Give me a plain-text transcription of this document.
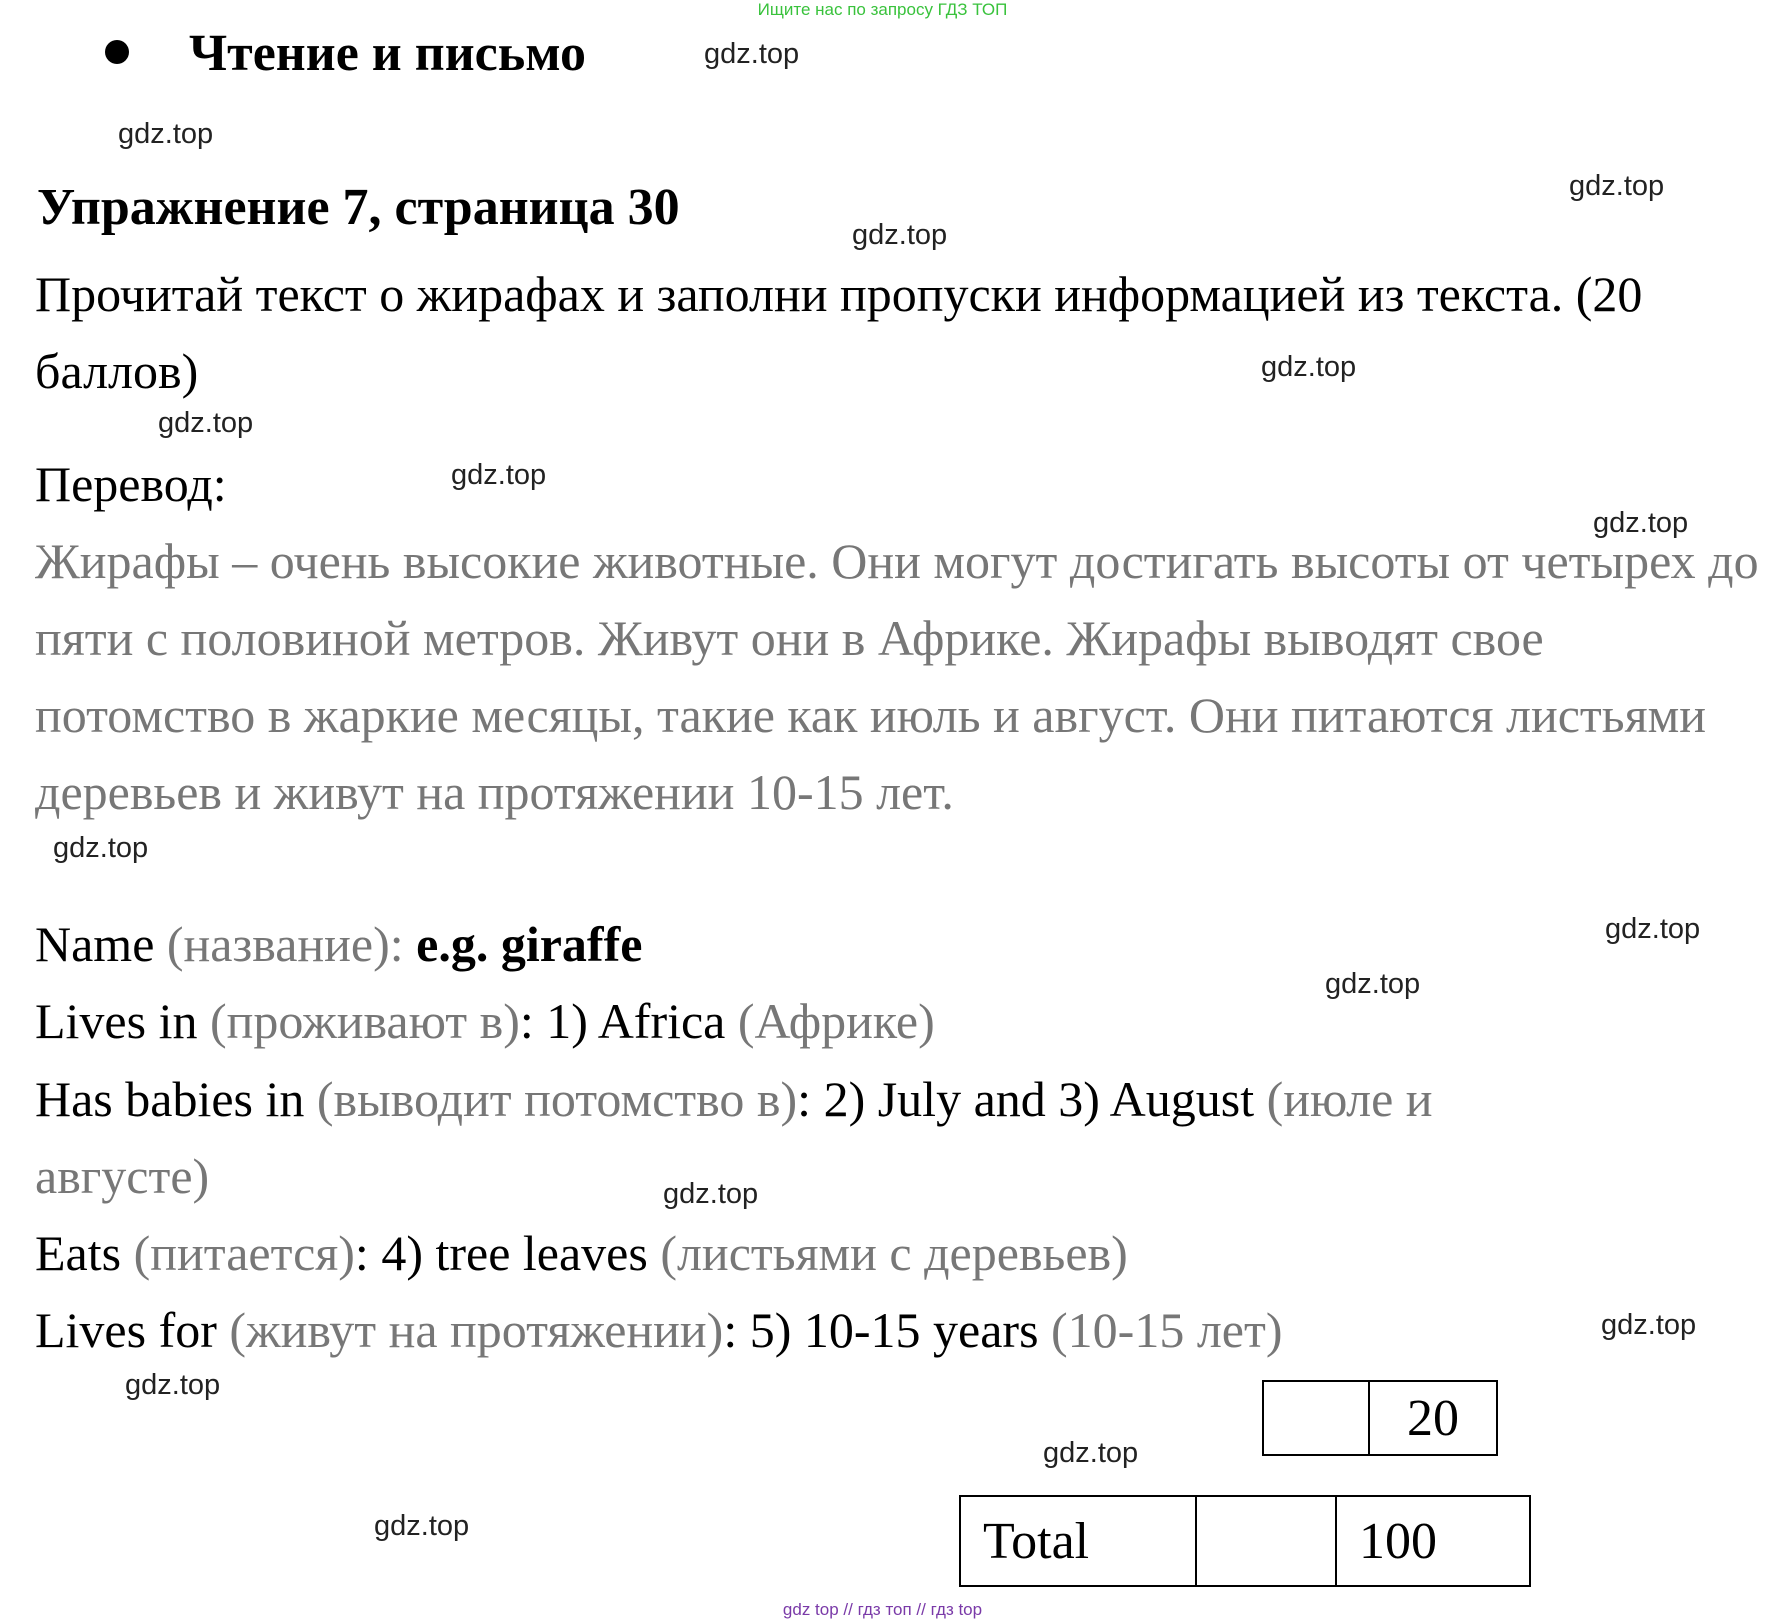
Ищите нас по запросу ГДЗ ТОП
Чтение и письмо	gdz.top
gdz.top
gdz.top
gdz.top
gdz.top
gdz.top
gdz.top
gdz.top
gdz.top
gdz.top
gdz.top
gdz.top
gdz.top
gdz.top
gdz.top
gdz.top
Упражнение 7, страница 30
Прочитай текст о жирафах и заполни пропуски информацией из текста. (20 баллов)
Перевод:
Жирафы – очень высокие животные. Они могут достигать высоты от четырех до пяти с половиной метров. Живут они в Африке. Жирафы выводят свое потомство в жаркие месяцы, такие как июль и август. Они питаются листьями деревьев и живут на протяжении 10-15 лет.
Name (название): e.g. giraffe
Lives in (проживают в): 1) Africa (Африке)
Has babies in (выводит потомство в): 2) July and 3) August (июле и
августе)
Eats (питается): 4) tree leaves (листьями с деревьев)
Lives for (живут на протяжении): 5) 10-15 years (10-15 лет)
	20
Total		100
gdz top // гдз топ // гдз top
